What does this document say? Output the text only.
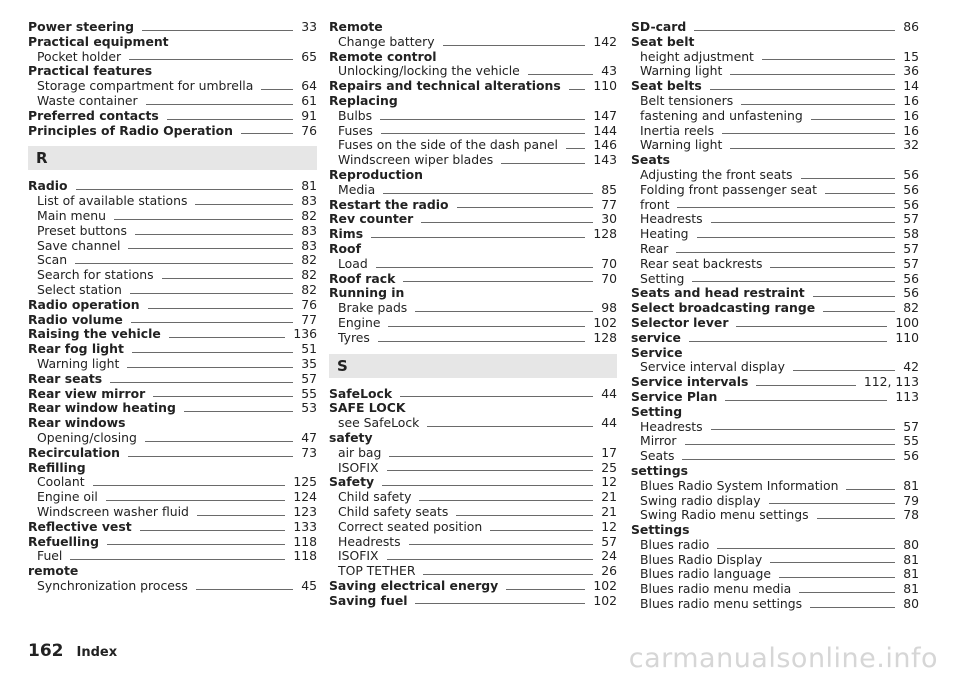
Power steering	33
Practical equipment
Pocket holder	65
Practical features
Storage compartment for umbrella	64
Waste container	61
Preferred contacts	91
Principles of Radio Operation	76
R
Radio	81
List of available stations	83
Main menu	82
Preset buttons	83
Save channel	83
Scan	82
Search for stations	82
Select station	82
Radio operation	76
Radio volume	77
Raising the vehicle	136
Rear fog light	51
Warning light	35
Rear seats	57
Rear view mirror	55
Rear window heating	53
Rear windows
Opening/closing	47
Recirculation	73
Refilling
Coolant	125
Engine oil	124
Windscreen washer fluid	123
Reflective vest	133
Refuelling	118
Fuel	118
remote
Synchronization process	45
Remote
Change battery	142
Remote control
Unlocking/locking the vehicle	43
Repairs and technical alterations	110
Replacing
Bulbs	147
Fuses	144
Fuses on the side of the dash panel	146
Windscreen wiper blades	143
Reproduction
Media	85
Restart the radio	77
Rev counter	30
Rims	128
Roof
Load	70
Roof rack	70
Running in
Brake pads	98
Engine	102
Tyres	128
S
SafeLock	44
SAFE LOCK
see SafeLock	44
safety
air bag	17
ISOFIX	25
Safety	12
Child safety	21
Child safety seats	21
Correct seated position	12
Headrests	57
ISOFIX	24
TOP TETHER	26
Saving electrical energy	102
Saving fuel	102
SD-card	86
Seat belt
height adjustment	15
Warning light	36
Seat belts	14
Belt tensioners	16
fastening and unfastening	16
Inertia reels	16
Warning light	32
Seats
Adjusting the front seats	56
Folding front passenger seat	56
front	56
Headrests	57
Heating	58
Rear	57
Rear seat backrests	57
Setting	56
Seats and head restraint	56
Select broadcasting range	82
Selector lever	100
service	110
Service
Service interval display	42
Service intervals	112, 113
Service Plan	113
Setting
Headrests	57
Mirror	55
Seats	56
settings
Blues Radio System Information	81
Swing radio display	79
Swing Radio menu settings	78
Settings
Blues radio	80
Blues Radio Display	81
Blues radio language	81
Blues radio menu media	81
Blues radio menu settings	80
162 Index	carmanualsonline.info
